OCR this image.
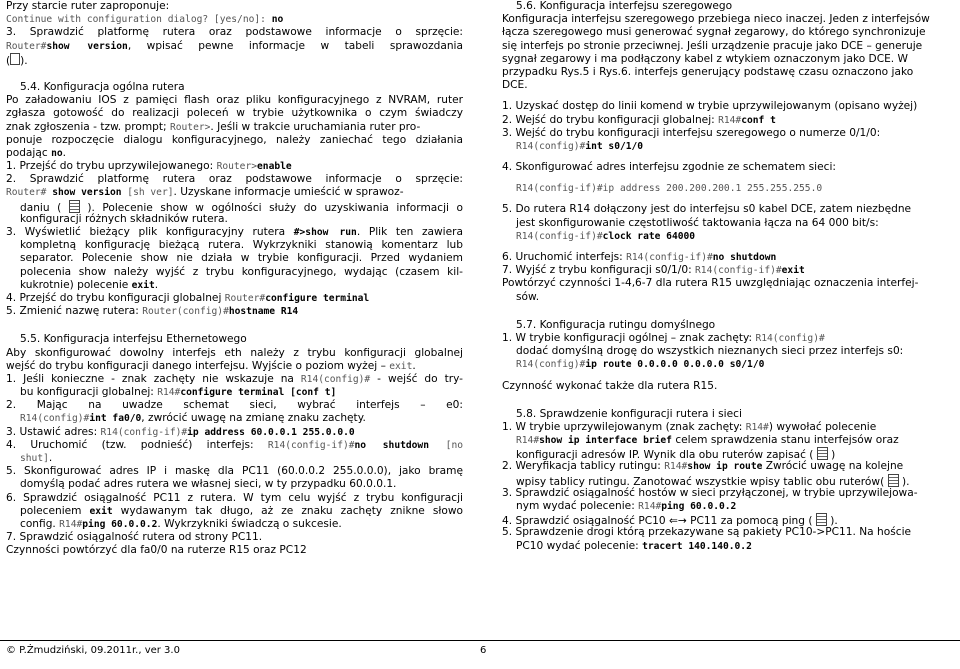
Przy starcie ruter zaproponuje:
Continue with configuration dialog? [yes/no]: no
3. Sprawdzić platformę rutera oraz podstawowe informacje o sprzęcie:
Router#show version, wpisać pewne informacje w tabeli sprawozdania
( ).
5.4. Konfiguracja ogólna rutera
Po załadowaniu IOS z pamięci flash oraz pliku konfiguracyjnego z NVRAM, ruter
zgłasza gotowość do realizacji poleceń w trybie użytkownika o czym świadczy
znak zgłoszenia - tzw. prompt; Router>. Jeśli w trakcie uruchamiania ruter pro-
ponuje rozpoczęcie dialogu konfiguracyjnego, należy zaniechać tego działania
podając no.
1. Przejść do trybu uprzywilejowanego: Router>enable
2. Sprawdzić platformę rutera oraz podstawowe informacje o sprzęcie:
Router# show version [sh ver]. Uzyskane informacje umieścić w sprawoz-
daniu (  ). Polecenie show w ogólności służy do uzyskiwania informacji o
konfiguracji różnych składników rutera.
3. Wyświetlić bieżący plik konfiguracyjny rutera #>show run. Plik ten zawiera
kompletną konfigurację bieżącą rutera. Wykrzykniki stanowią komentarz lub
separator. Polecenie show nie działa w trybie konfiguracji. Przed wydaniem
polecenia show należy wyjść z trybu konfiguracyjnego, wydając (czasem kil-
kukrotnie) polecenie exit.
4. Przejść do trybu konfiguracji globalnej Router#configure terminal
5. Zmienić nazwę rutera: Router(config)#hostname R14
5.5. Konfiguracja interfejsu Ethernetowego
Aby skonfigurować dowolny interfejs eth należy z trybu konfiguracji globalnej
wejść do trybu konfiguracji danego interfejsu. Wyjście o poziom wyżej – exit.
1. Jeśli konieczne - znak zachęty nie wskazuje na R14(config)# - wejść do try-
bu konfiguracji globalnej: R14#configure terminal [conf t]
2. Mając na uwadze schemat sieci, wybrać interfejs – e0:
R14(config)#int fa0/0, zwrócić uwagę na zmianę znaku zachęty.
3. Ustawić adres: R14(config-if)#ip address 60.0.0.1 255.0.0.0
4. Uruchomić (tzw. podnieść) interfejs: R14(config-if)#no shutdown [no
shut].
5. Skonfigurować adres IP i maskę dla PC11 (60.0.0.2 255.0.0.0), jako bramę
domyślą podać adres rutera we własnej sieci, w ty przypadku 60.0.0.1.
6. Sprawdzić osiągalność PC11 z rutera. W tym celu wyjść z trybu konfiguracji
poleceniem exit wydawanym tak długo, aż ze znaku zachęty znikne słowo
config. R14#ping 60.0.0.2. Wykrzykniki świadczą o sukcesie.
7. Sprawdzić osiągalność rutera od strony PC11.
Czynności powtórzyć dla fa0/0 na ruterze R15 oraz PC12
5.6. Konfiguracja interfejsu szeregowego
Konfiguracja interfejsu szeregowego przebiega nieco inaczej. Jeden z interfejsów
łącza szeregowego musi generować sygnał zegarowy, do którego synchronizuje
się interfejs po stronie przeciwnej. Jeśli urządzenie pracuje jako DCE – generuje
sygnał zegarowy i ma podłączony kabel z wtykiem oznaczonym jako DCE. W
przypadku Rys.5 i Rys.6. interfejs generujący podstawę czasu oznaczono jako
DCE.
1. Uzyskać dostęp do linii komend w trybie uprzywilejowanym (opisano wyżej)
2. Wejść do trybu konfiguracji globalnej: R14#conf t
3. Wejść do trybu konfiguracji interfejsu szeregowego o numerze 0/1/0:
R14(config)#int s0/1/0
4. Skonfigurować adres interfejsu zgodnie ze schematem sieci:
R14(config-if)#ip address 200.200.200.1 255.255.255.0
5. Do rutera R14 dołączony jest do interfejsu s0 kabel DCE, zatem niezbędne
jest skonfigurowanie częstotliwość taktowania łącza na 64 000 bit/s:
R14(config-if)#clock rate 64000
6. Uruchomić interfejs: R14(config-if)#no shutdown
7. Wyjść z trybu konfiguracji s0/1/0: R14(config-if)#exit
Powtórzyć czynności 1-4,6-7 dla rutera R15 uwzględniając oznaczenia interfej-
sów.
5.7. Konfiguracja rutingu domyślnego
1. W trybie konfiguracji ogólnej – znak zachęty: R14(config)#
dodać domyślną drogę do wszystkich nieznanych sieci przez interfejs s0:
R14(config)#ip route 0.0.0.0 0.0.0.0 s0/1/0
Czynność wykonać także dla rutera R15.
5.8. Sprawdzenie konfiguracji rutera i sieci
1. W trybie uprzywilejowanym (znak zachęty: R14#) wywołać polecenie
R14#show ip interface brief celem sprawdzenia stanu interfejsów oraz
konfiguracji adresów IP. Wynik dla obu ruterów zapisać (  )
2. Weryfikacja tablicy rutingu: R14#show ip route Zwrócić uwagę na kolejne
wpisy tablicy rutingu. Zanotować wszystkie wpisy tablic obu ruterów(  ).
3. Sprawdzić osiągalność hostów w sieci przyłączonej, w trybie uprzywilejowa-
nym wydać polecenie: R14#ping 60.0.0.2
4. Sprawdzić osiągalność PC10 ⇐→ PC11 za pomocą ping (  ).
5. Sprawdzenie drogi którą przekazywane są pakiety PC10->PC11. Na hoście
PC10 wydać polecenie: tracert 140.140.0.2
© P.Żmudziński, 09.2011r., ver 3.0	6
